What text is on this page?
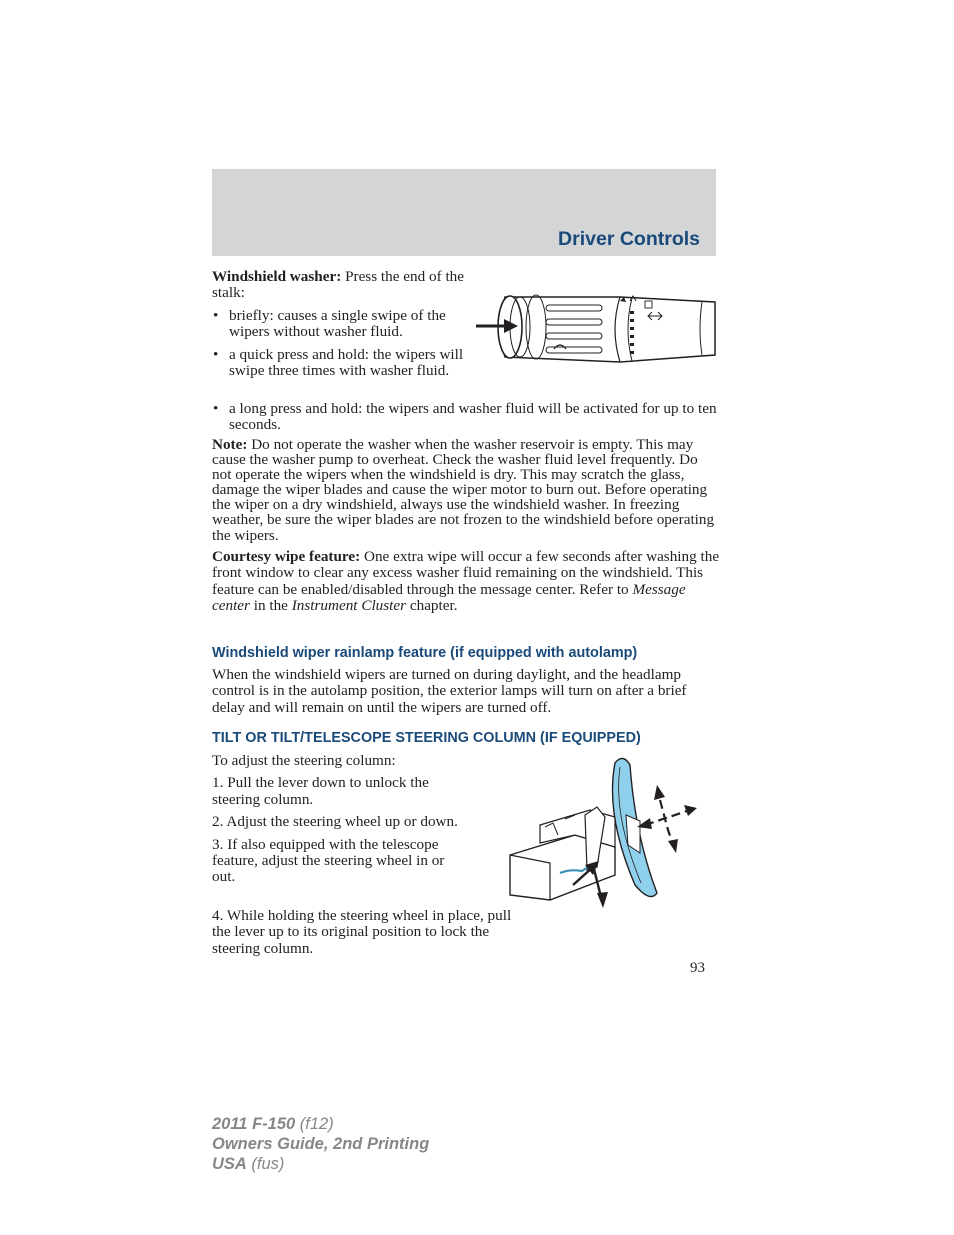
Driver Controls

Windshield washer: Press the end of the stalk:

• briefly: causes a single swipe of the wipers without washer fluid.

• a quick press and hold: the wipers will swipe three times with washer fluid.

• a long press and hold: the wipers and washer fluid will be activated for up to ten seconds.

Note: Do not operate the washer when the washer reservoir is empty. This may cause the washer pump to overheat. Check the washer fluid level frequently. Do not operate the wipers when the windshield is dry. This may scratch the glass, damage the wiper blades and cause the wiper motor to burn out. Before operating the wiper on a dry windshield, always use the windshield washer. In freezing weather, be sure the wiper blades are not frozen to the windshield before operating the wipers.

Courtesy wipe feature: One extra wipe will occur a few seconds after washing the front window to clear any excess washer fluid remaining on the windshield. This feature can be enabled/disabled through the message center. Refer to Message center in the Instrument Cluster chapter.

Windshield wiper rainlamp feature (if equipped with autolamp)

When the windshield wipers are turned on during daylight, and the headlamp control is in the autolamp position, the exterior lamps will turn on after a brief delay and will remain on until the wipers are turned off.

TILT OR TILT/TELESCOPE STEERING COLUMN (IF EQUIPPED)

To adjust the steering column:

1. Pull the lever down to unlock the steering column.

2. Adjust the steering wheel up or down.

3. If also equipped with the telescope feature, adjust the steering wheel in or out.

4. While holding the steering wheel in place, pull the lever up to its original position to lock the steering column.

93
2011 F-150 (f12)
Owners Guide, 2nd Printing
USA (fus)
